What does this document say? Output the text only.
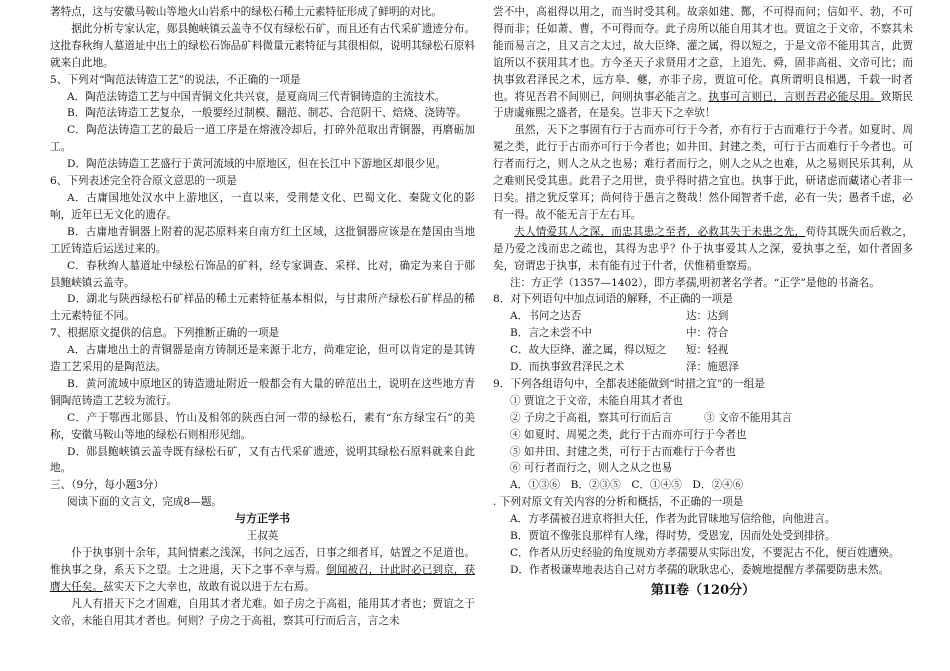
著特点，这与安徽马鞍山等地火山岩系中的绿松石稀土元素特征形成了鲜明的对比。

据此分析专家认定，郧县鲍峡镇云盖寺不仅有绿松石矿，而且还有古代采矿遗迹分布。这批春秋绚人墓道址中出土的绿松石饰品矿料微量元素特征与其很相似，说明其绿松石原料就来自此地。

5、下列对“陶范法铸造工艺”的说法，不正确的一项是

A．陶范法铸造工艺与中国青铜文化共兴衰，是夏商周三代青铜铸造的主流技术。

B．陶范法铸造工艺复杂，一般要经过制模、翻范、制芯、合范阴干、焙烧、浇铸等。

C．陶范法铸造工艺的最后一道工序是在熔液冷却后，打碎外范取出青铜器，再磨砺加工。

D．陶范法铸造工艺盛行于黄河流域的中原地区，但在长江中下游地区却很少见。

6、下列表述完全符合原文意思的一项是

A．古庸国地处汉水中上游地区，一直以来，受荆楚文化、巴蜀文化、秦陇文化的影响，近年已无文化的遗存。

B．古庸地青铜器上附着的泥芯原料来自南方红土区域，这批铜器应该是在楚国由当地工匠铸造后运送过来的。

C．春秋绚人墓道址中绿松石饰品的矿料，经专家调查、采样、比对，确定为来自于郧县鲍峡镇云盖寺。

D．湖北与陕西绿松石矿样品的稀土元素特征基本相似，与甘肃所产绿松石矿样品的稀土元素特征不同。

7、根据原文提供的信息。下列推断正确的一项是

A．古庸地出土的青铜器是南方铸制还是来源于北方，尚难定论，但可以肯定的是其铸造工艺采用的是陶范法。

B．黄河流域中原地区的铸造遗址附近一般都会有大量的碎范出土，说明在这些地方青铜陶范铸造工艺较为流行。

C．产于鄂西北郧县、竹山及相邻的陕西白河一带的绿松石，素有“东方绿宝石”的美称，安徽马鞍山等地的绿松石则相形见绌。

D．郧县鲍峡镇云盖寺既有绿松石矿，又有古代采矿遗迹，说明其绿松石原料就来自此地。

三、（9分，每小题3分）

阅读下面的文言文，完成8—题。

与方正学书

王叔英

仆于执事别十余年，其间情素之浅深，书问之远否，日事之细者耳，姑置之不足道也。惟执事之身，系天下之望。士之进退，天下之事不幸与焉。倒闻被召，计此时必已到京，获膺大任矣。兹实天下之大幸也，故敢有说以进于左右焉。

凡人有措天下之才固难，自用其才者尤难。如子房之于高祖，能用其才者也；贾谊之于文帝，未能自用其才者也。何则？子房之于高祖，察其可行而后言，言之未

尝不中，高祖得以用之，而当时受其利。故亲如建、酂，不可得而问；信如平、勃，不可得而非；任如萧、曹，不可得而夺。此子房所以能自用其才也。贾谊之于文帝，不察其未能而易言之，且又言之太过，故大臣绛、灌之属，得以短之，于是文帝不能用其言，此贾谊所以不获用其才也。方今圣天子求贤用才之意，上追先、舜，固非高祖、文帝可比；而执事致君泽民之术，远方皋、夔，亦非子房，贾谊可伦。真所谓明良相遇，千载一时者也。将见吾君不间则已，问则执事必能言之。执事可言则已，言则吾君必能尽用。致斯民于唐虞雍熙之盛者，在是矣。岂非天下之幸欤！

虽然，天下之事固有行于古而亦可行于今者，亦有行于古而难行于今者。如夏时、周冕之类，此行于古而亦可行于今者也；如井田、封建之类，可行于古而难行于今者也。可行者而行之，则人之从之也易；难行者而行之，则人之从之也难，从之易则民乐其利，从之难则民受其患。此君子之用世，贵乎得时措之宜也。执事于此，研诸虑而藏诸心者非一日矣。措之犹反掌耳；尚何待于愚言之赘哉！然仆闻智者千虑，必有一失；愚者千虑，必有一得。故不能无言于左右耳。

夫人情爱其人之深，而忠其患之至者，必救其失于未患之先，苟待其既失而后救之，是乃爱之浅而忠之疏也，其得为忠乎？仆于执事爱其人之深，爱执事之至，如什者固多矣，窃谓忠于执事，未有能有过于什者，伏惟稍垂察焉。

注：方正学（1357—1402），即方孝孺,明初著名学者。“正学”是他的书斋名。

8．对下列语句中加点词语的解释，不正确的一项是

A．书问之达否	达：达到
B．言之未尝不中	中：符合
C．故大臣绛、灌之属，得以短之	短：轻视
D．而执事致君泽民之术	泽：施恩泽

9．下列各组语句中，全都表述能做到“时措之宜”的一组是

① 贾谊之于文帝，未能自用其才者也

② 子房之于高祖，察其可行而后言　　　③ 文帝不能用其言

④ 如夏时、周冕之类，此行于古而亦可行于今者也

⑤ 如井田、封建之类，可行于古而难行于今者也

⑥ 可行者而行之，则人之从之也易

A．①③⑥　B．②③⑤　C．①④⑤　D．②④⑥

. 下列对原文有关内容的分析和概括，不正确的一项是

A．方孝孺被召进京将担大任，作者为此冒昧地写信给他，向他进言。

B．贾谊不像张良那样有人缘，得时势，受恩宠，因而处处受到排挤。

C．作者从历史经验的角度规劝方孝孺要从实际出发，不要泥古不化，便百姓遭殃。

D．作者极谦卑地表达自己对方孝孺的耿耿忠心，委婉地提醒方孝孺要防患未然。

第II卷（120分）
